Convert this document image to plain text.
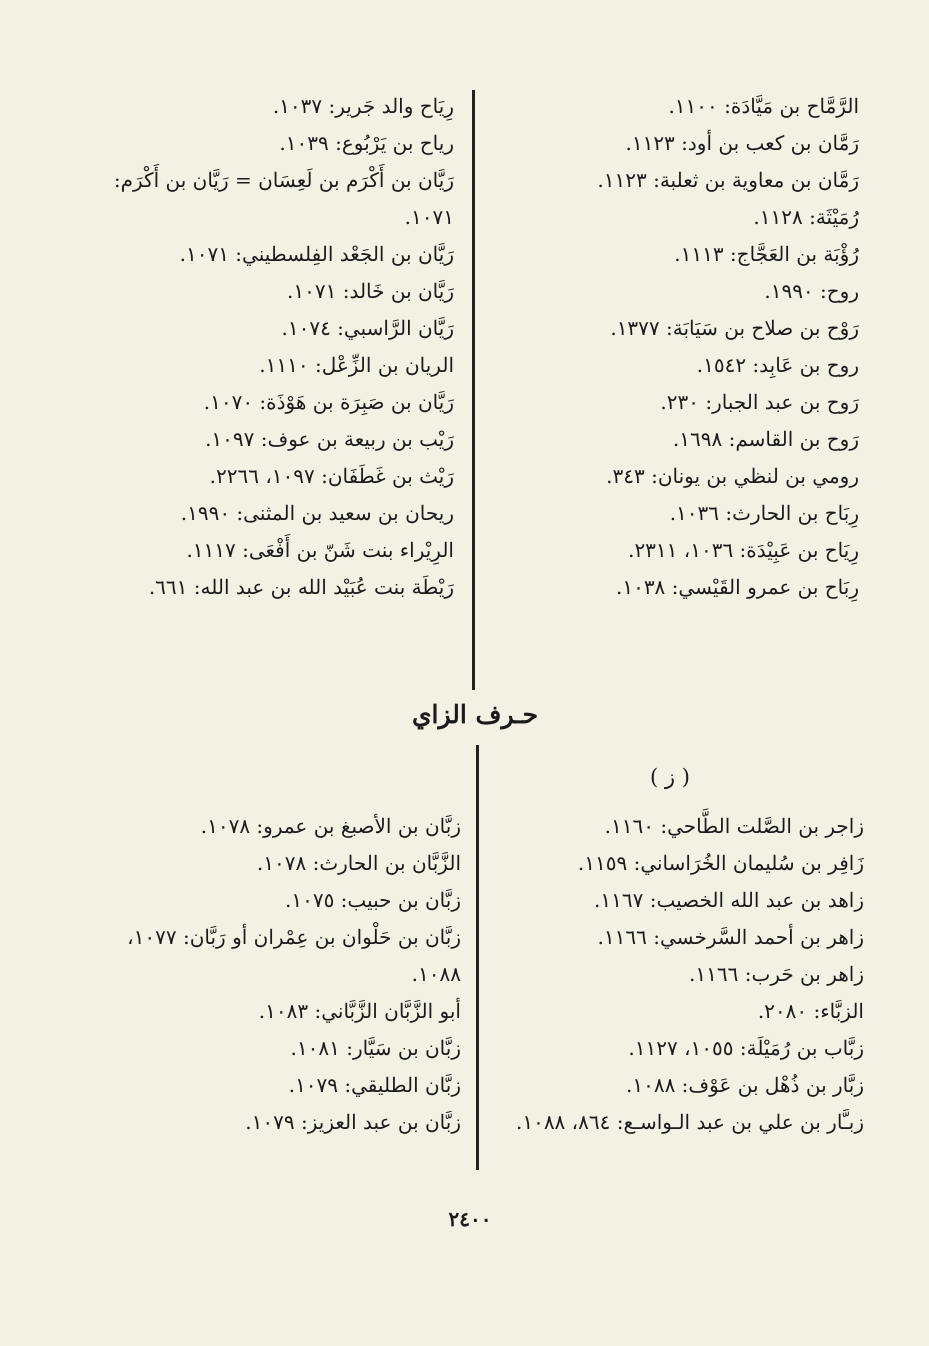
الرَّمَّاح بن مَيَّادَة: ١١٠٠.
رَمَّان بن كعب بن أود: ١١٢٣.
رَمَّان بن معاوية بن ثعلبة: ١١٢٣.
رُمَيْثَة: ١١٢٨.
رُؤْبَة بن العَجَّاج: ١١١٣.
روح: ١٩٩٠.
رَوْح بن صلاح بن سَيَابَة: ١٣٧٧.
روح بن عَابِد: ١٥٤٢.
رَوح بن عبد الجبار: ٢٣٠.
رَوح بن القاسم: ١٦٩٨.
رومي بن لنظي بن يونان: ٣٤٣.
رِبَاح بن الحارث: ١٠٣٦.
رِيَاح بن عَبِيْدَة: ١٠٣٦، ٢٣١١.
رِبَاح بن عمرو القَيْسي: ١٠٣٨.
رِيَاح والد جَرير: ١٠٣٧.
رياح بن يَرْبُوع: ١٠٣٩.
رَيَّان بن أَكْرَم بن لَعِسَان = رَيَّان بن أَكْرَم: ١٠٧١.
رَيَّان بن الجَعْد الفِلسطيني: ١٠٧١.
رَيَّان بن خَالد: ١٠٧١.
رَيَّان الرَّاسبي: ١٠٧٤.
الريان بن الزِّعْل: ١١١٠.
رَيَّان بن صَبِرَة بن هَوْذَة: ١٠٧٠.
رَيْب بن ربيعة بن عوف: ١٠٩٧.
رَيْث بن غَطَفَان: ١٠٩٧، ٢٢٦٦.
ريحان بن سعيد بن المثنى: ١٩٩٠.
الرِيْراء بنت شَنّ بن أَفْعَى: ١١١٧.
رَيْطَة بنت عُبَيْد الله بن عبد الله: ٦٦١.
حـرف الزاي
( ز )
زاجر بن الصَّلت الطَّاحي: ١١٦٠.
زَافِر بن سُليمان الخُرَاساني: ١١٥٩.
زاهد بن عبد الله الخصيب: ١١٦٧.
زاهر بن أحمد السَّرخسي: ١١٦٦.
زاهر بن حَرب: ١١٦٦.
الزبَّاء: ٢٠٨٠.
زبَّاب بن رُمَيْلَة: ١٠٥٥، ١١٢٧.
زبَّار بن ذُهْل بن عَوْف: ١٠٨٨.
زبـَّار بن علي بن عبد الـواسـع: ٨٦٤، ١٠٨٨.
زبَّان بن الأصبغ بن عمرو: ١٠٧٨.
الزَّبَّان بن الحارث: ١٠٧٨.
زبَّان بن حبيب: ١٠٧٥.
زبَّان بن حَلْوان بن عِمْران أو رَبَّان: ١٠٧٧، ١٠٨٨.
أبو الزَّبَّان الزَّبَّاني: ١٠٨٣.
زبَّان بن سَيَّار: ١٠٨١.
زبَّان الطليقي: ١٠٧٩.
زبَّان بن عبد العزيز: ١٠٧٩.
٢٤٠٠
